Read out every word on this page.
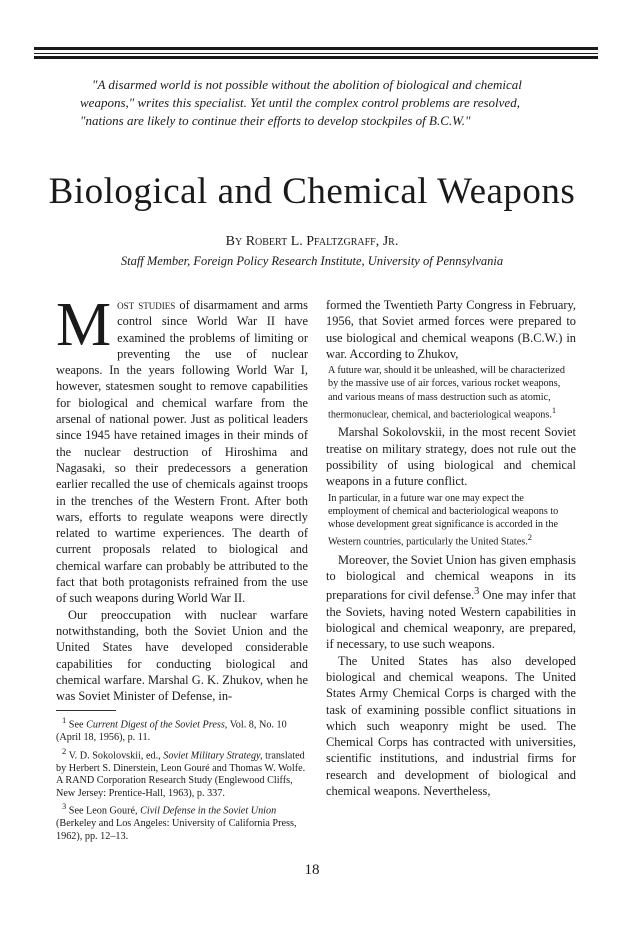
"A disarmed world is not possible without the abolition of biological and chemical weapons," writes this specialist. Yet until the complex control problems are resolved, "nations are likely to continue their efforts to develop stockpiles of B.C.W."

Biological and Chemical Weapons

By Robert L. Pfaltzgraff, Jr.

Staff Member, Foreign Policy Research Institute, University of Pennsylvania

Most studies of disarmament and arms control since World War II have examined the problems of limiting or preventing the use of nuclear weapons. In the years following World War I, however, statesmen sought to remove capabilities for biological and chemical warfare from the arsenal of national power. Just as political leaders since 1945 have retained images in their minds of the nuclear destruction of Hiroshima and Nagasaki, so their predecessors a generation earlier recalled the use of chemicals against troops in the trenches of the Western Front. After both wars, efforts to regulate weapons were directly related to wartime experiences. The dearth of current proposals related to biological and chemical warfare can probably be attributed to the fact that both protagonists refrained from the use of such weapons during World War II.

Our preoccupation with nuclear warfare notwithstanding, both the Soviet Union and the United States have developed considerable capabilities for conducting biological and chemical warfare. Marshal G. K. Zhukov, when he was Soviet Minister of Defense, in-

$^1$ See Current Digest of the Soviet Press, Vol. 8, No. 10 (April 18, 1956), p. 11.

$^2$ V. D. Sokolovskii, ed., Soviet Military Strategy, translated by Herbert S. Dinerstein, Leon Gouré and Thomas W. Wolfe. A RAND Corporation Research Study (Englewood Cliffs, New Jersey: Prentice-Hall, 1963), p. 337.

$^3$ See Leon Gouré, Civil Defense in the Soviet Union (Berkeley and Los Angeles: University of California Press, 1962), pp. 12–13.

formed the Twentieth Party Congress in February, 1956, that Soviet armed forces were prepared to use biological and chemical weapons (B.C.W.) in war. According to Zhukov,

A future war, should it be unleashed, will be characterized by the massive use of air forces, various rocket weapons, and various means of mass destruction such as atomic, thermonuclear, chemical, and bacteriological weapons.$^1$

Marshal Sokolovskii, in the most recent Soviet treatise on military strategy, does not rule out the possibility of using biological and chemical weapons in a future conflict.

In particular, in a future war one may expect the employment of chemical and bacteriological weapons to whose development great significance is accorded in the Western countries, particularly the United States.$^2$

Moreover, the Soviet Union has given emphasis to biological and chemical weapons in its preparations for civil defense.$^3$ One may infer that the Soviets, having noted Western capabilities in biological and chemical weaponry, are prepared, if necessary, to use such weapons.

The United States has also developed biological and chemical weapons. The United States Army Chemical Corps is charged with the task of examining possible conflict situations in which such weaponry might be used. The Chemical Corps has contracted with universities, scientific institutions, and industrial firms for research and development of biological and chemical weapons. Nevertheless,

18
